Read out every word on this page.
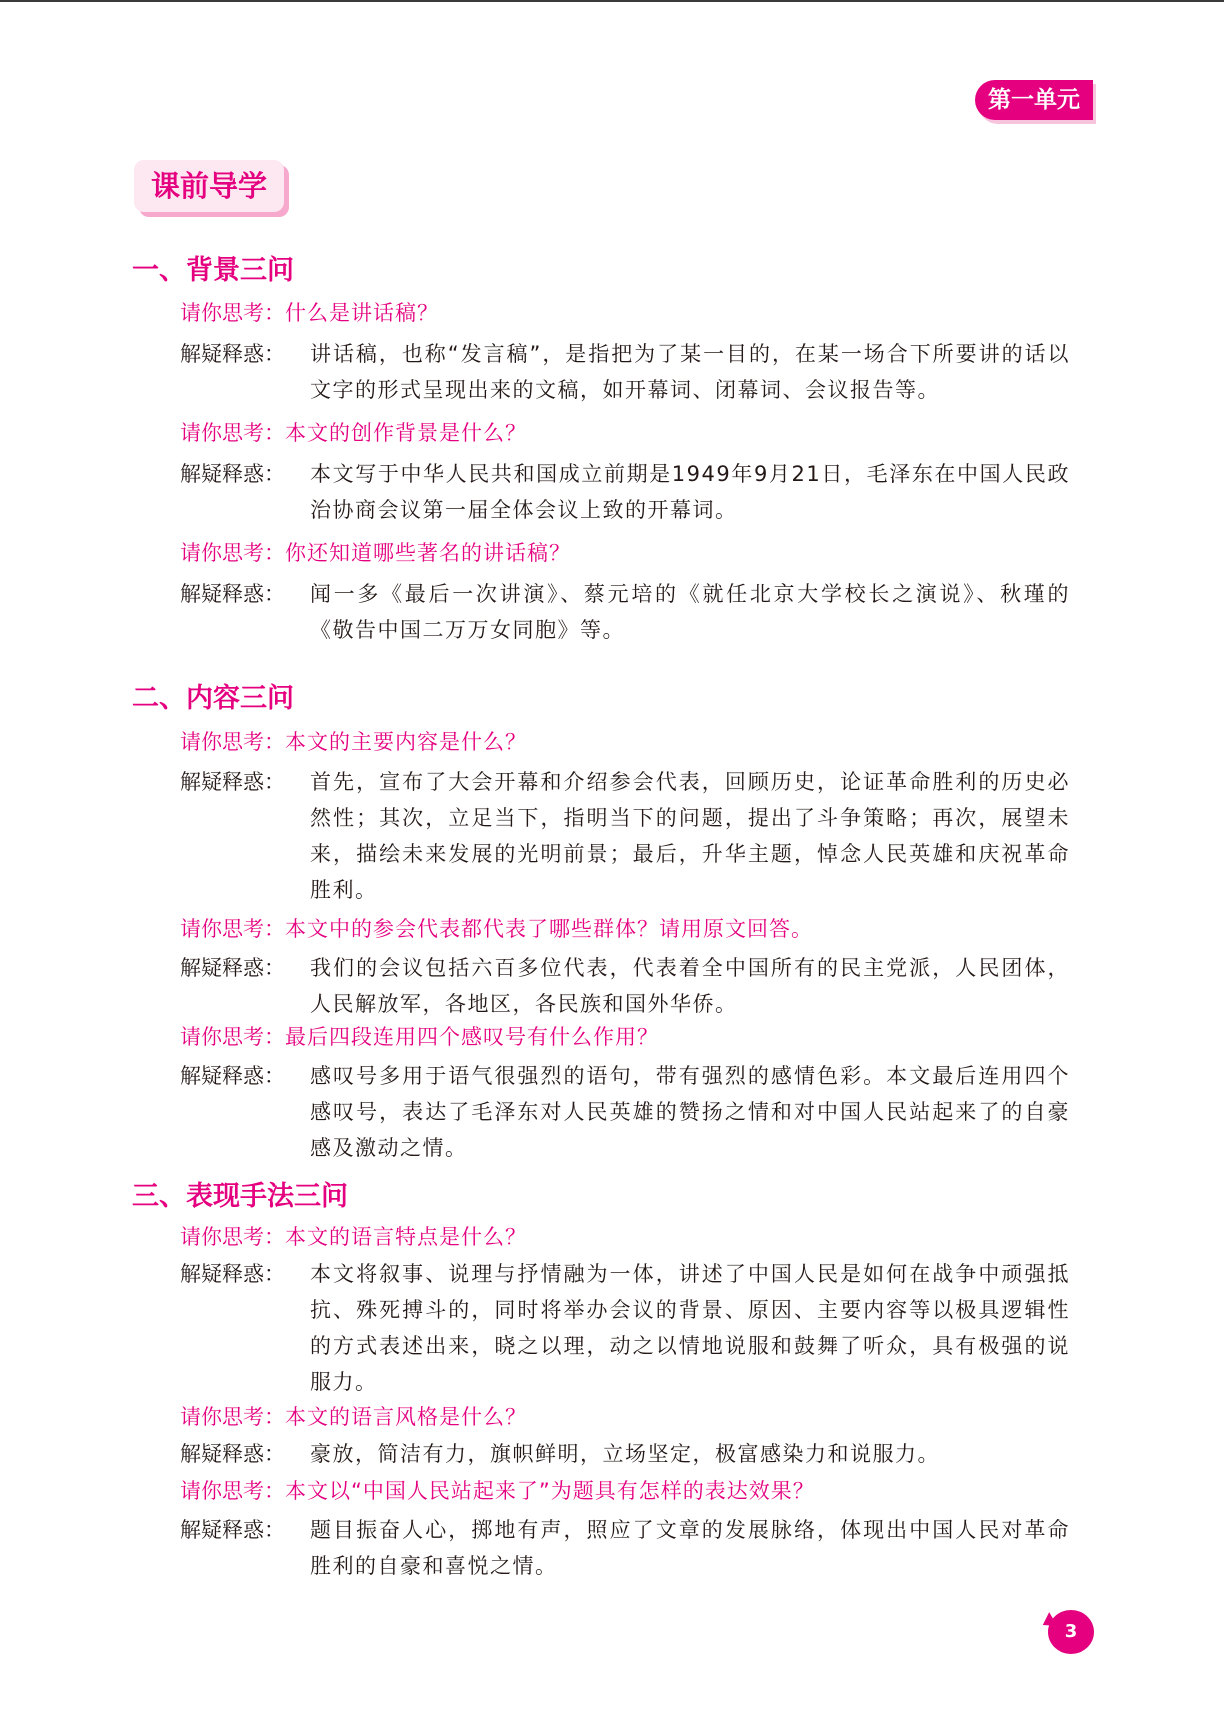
第一单元
课前导学
一、背景三问
请你思考：什么是讲话稿？
解疑释惑： 讲话稿，也称“发言稿”，是指把为了某一目的，在某一场合下所要讲的话以文字的形式呈现出来的文稿，如开幕词、闭幕词、会议报告等。
请你思考：本文的创作背景是什么？
解疑释惑： 本文写于中华人民共和国成立前期是1949年9月21日，毛泽东在中国人民政治协商会议第一届全体会议上致的开幕词。
请你思考：你还知道哪些著名的讲话稿？
解疑释惑： 闻一多《最后一次讲演》、蔡元培的《就任北京大学校长之演说》、秋瑾的《敬告中国二万万女同胞》等。
二、内容三问
请你思考：本文的主要内容是什么？
解疑释惑： 首先，宣布了大会开幕和介绍参会代表，回顾历史，论证革命胜利的历史必然性；其次，立足当下，指明当下的问题，提出了斗争策略；再次，展望未来，描绘未来发展的光明前景；最后，升华主题，悼念人民英雄和庆祝革命胜利。
请你思考：本文中的参会代表都代表了哪些群体？请用原文回答。
解疑释惑： 我们的会议包括六百多位代表，代表着全中国所有的民主党派，人民团体，人民解放军，各地区，各民族和国外华侨。
请你思考：最后四段连用四个感叹号有什么作用？
解疑释惑： 感叹号多用于语气很强烈的语句，带有强烈的感情色彩。本文最后连用四个感叹号，表达了毛泽东对人民英雄的赞扬之情和对中国人民站起来了的自豪感及激动之情。
三、表现手法三问
请你思考：本文的语言特点是什么？
解疑释惑： 本文将叙事、说理与抒情融为一体，讲述了中国人民是如何在战争中顽强抵抗、殊死搏斗的，同时将举办会议的背景、原因、主要内容等以极具逻辑性的方式表述出来，晓之以理，动之以情地说服和鼓舞了听众，具有极强的说服力。
请你思考：本文的语言风格是什么？
解疑释惑： 豪放，简洁有力，旗帜鲜明，立场坚定，极富感染力和说服力。
请你思考：本文以“中国人民站起来了”为题具有怎样的表达效果？
解疑释惑： 题目振奋人心，掷地有声，照应了文章的发展脉络，体现出中国人民对革命胜利的自豪和喜悦之情。
3
